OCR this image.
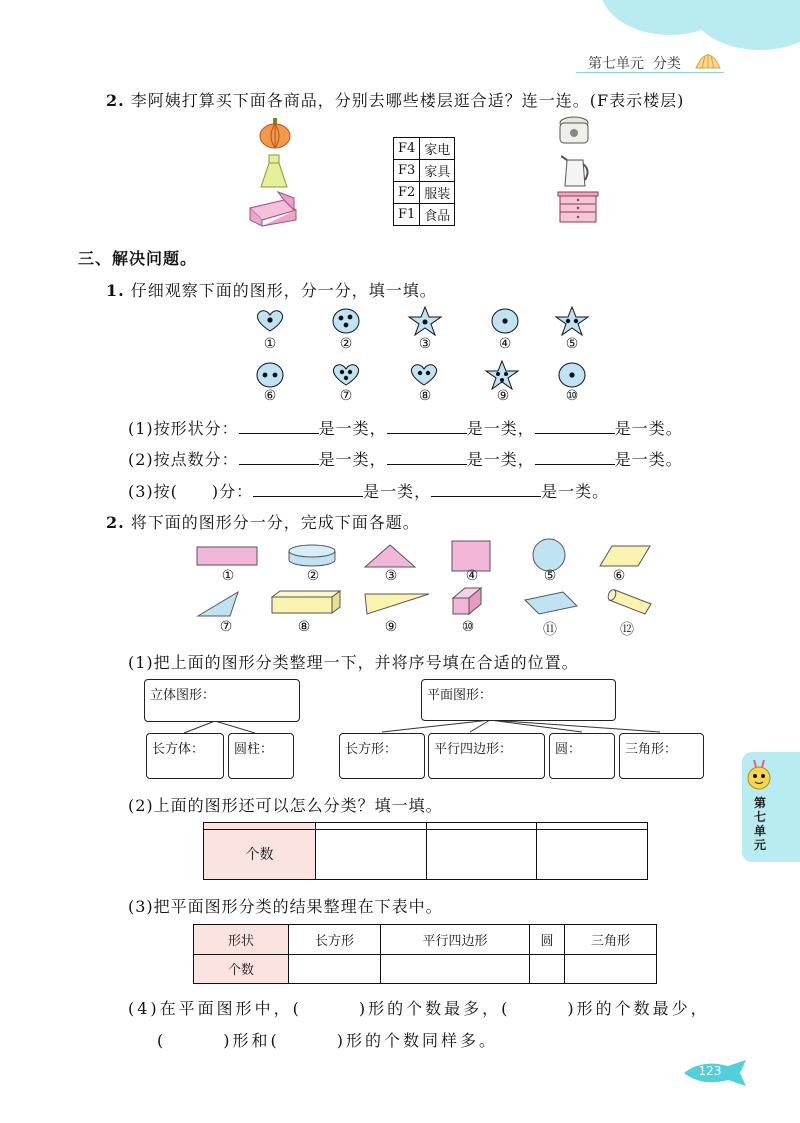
第七单元 分类
2. 李阿姨打算买下面各商品，分别去哪些楼层逛合适？连一连。(F表示楼层)
F4	家电
F3	家具
F2	服装
F1	食品
三、解决问题。
1. 仔细观察下面的图形，分一分，填一填。
①	②	③	④	⑤
⑥	⑦	⑧	⑨	⑩
(1)按形状分：	是一类，	是一类，	是一类。
(2)按点数分：	是一类，	是一类，	是一类。
(3)按(　　)分：	是一类，	是一类。
2. 将下面的图形分一分，完成下面各题。
①	②	③	④	⑤	⑥
⑦	⑧	⑨	⑩	⑪	⑫
(1)把上面的图形分类整理一下，并将序号填在合适的位置。
立体图形：
长方体：	圆柱：
平面图形：
长方形：	平行四边形：	圆：	三角形：
(2)上面的图形还可以怎么分类？填一填。

个数			
(3)把平面图形分类的结果整理在下表中。
形状	长方形	平行四边形	圆	三角形
个数				
(4)在平面图形中，(　　　)形的个数最多，(　　　)形的个数最少，
(　　　)形和(　　　)形的个数同样多。
第七单元
123
